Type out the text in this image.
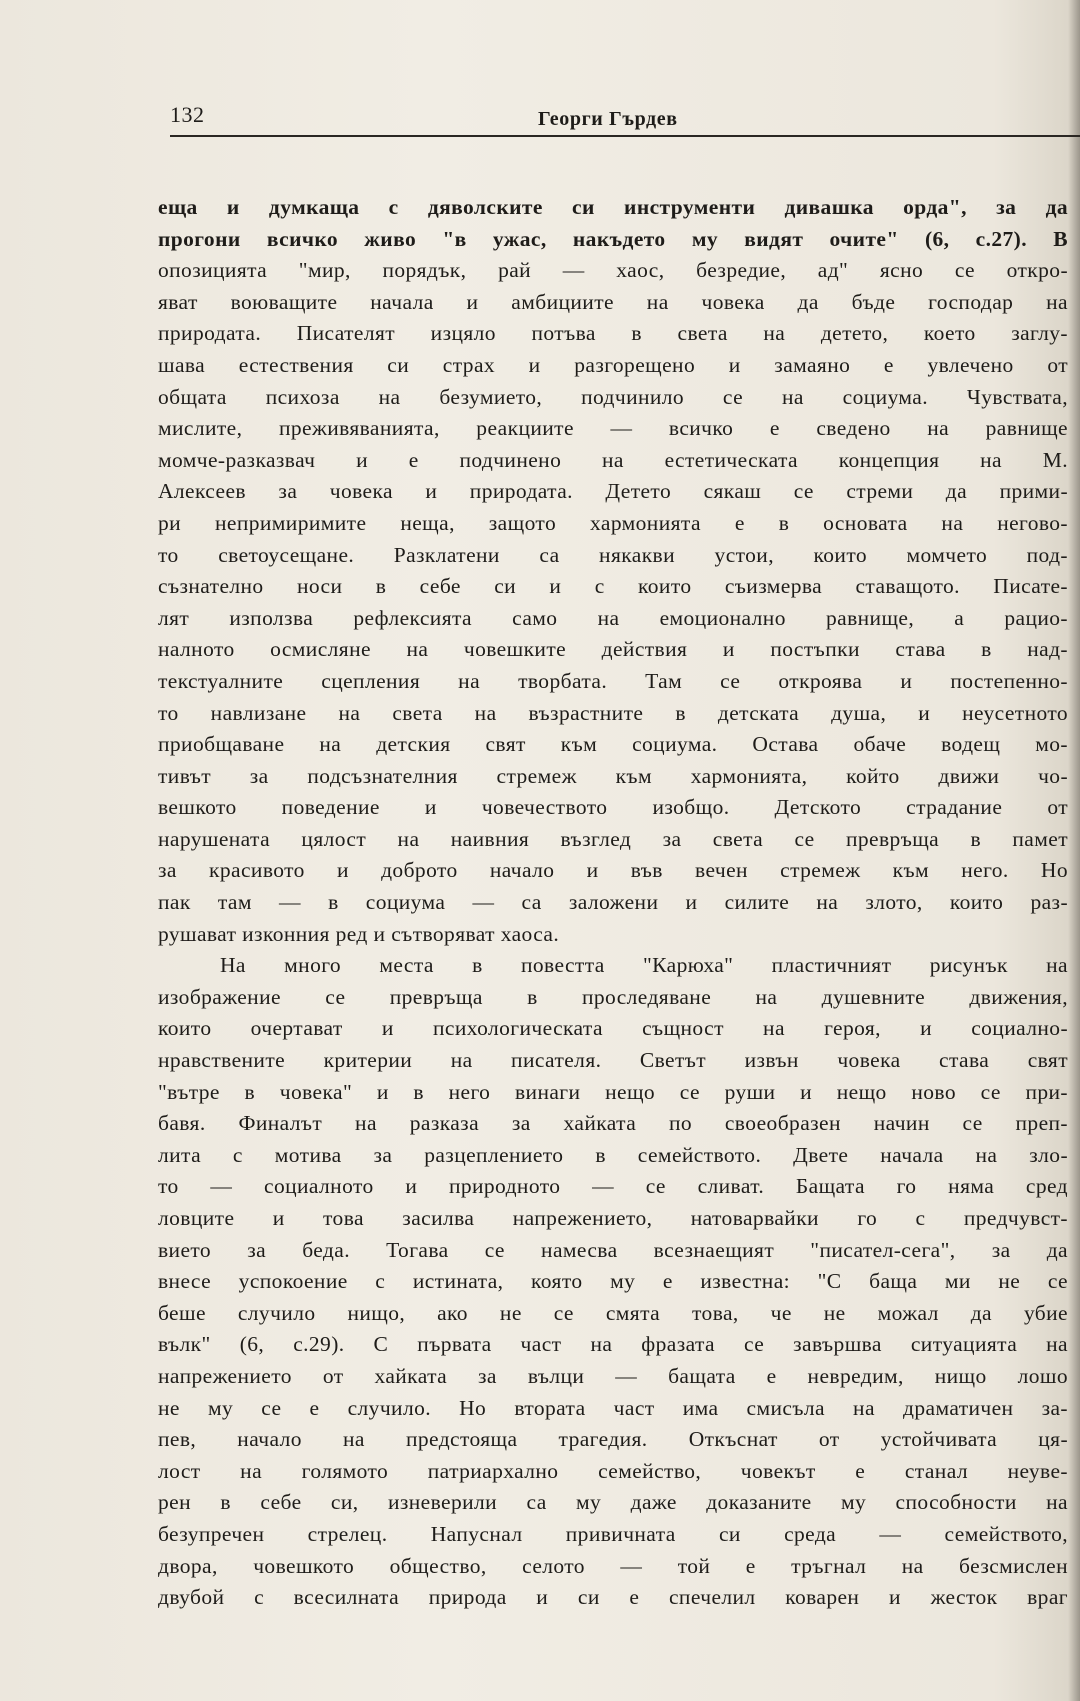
132	Георги Гърдев
еща и думкаща с дяволските си инструменти дивашка орда", за да
прогони всичко живо "в ужас, накъдето му видят очите" (6, с.27). В
опозицията "мир, порядък, рай — хаос, безредие, ад" ясно се откро-
яват воюващите начала и амбициите на човека да бъде господар на
природата. Писателят изцяло потъва в света на детето, което заглу-
шава естествения си страх и разгорещено и замаяно е увлечено от
общата психоза на безумието, подчинило се на социума. Чувствата,
мислите, преживяванията, реакциите — всичко е сведено на равнище
момче-разказвач и е подчинено на естетическата концепция на М.
Алексеев за човека и природата. Детето сякаш се стреми да прими-
ри непримиримите неща, защото хармонията е в основата на негово-
то светоусещане. Разклатени са някакви устои, които момчето под-
съзнателно носи в себе си и с които съизмерва ставащото. Писате-
лят използва рефлексията само на емоционално равнище, а рацио-
налното осмисляне на човешките действия и постъпки става в над-
текстуалните сцепления на творбата. Там се откроява и постепенно-
то навлизане на света на възрастните в детската душа, и неусетното
приобщаване на детския свят към социума. Остава обаче водещ мо-
тивът за подсъзнателния стремеж към хармонията, който движи чо-
вешкото поведение и човечеството изобщо. Детското страдание от
нарушената цялост на наивния възглед за света се превръща в памет
за красивото и доброто начало и във вечен стремеж към него. Но
пак там — в социума — са заложени и силите на злото, които раз-
рушават изконния ред и сътворяват хаоса.
На много места в повестта "Карюха" пластичният рисунък на
изображение се превръща в проследяване на душевните движения,
които очертават и психологическата същност на героя, и социално-
нравствените критерии на писателя. Светът извън човека става свят
"вътре в човека" и в него винаги нещо се руши и нещо ново се при-
бавя. Финалът на разказа за хайката по своеобразен начин се преп-
лита с мотива за разцеплението в семейството. Двете начала на зло-
то — социалното и природното — се сливат. Бащата го няма сред
ловците и това засилва напрежението, натоварвайки го с предчувст-
вието за беда. Тогава се намесва всезнаещият "писател-сега", за да
внесе успокоение с истината, която му е известна: "С баща ми не се
беше случило нищо, ако не се смята това, че не можал да убие
вълк" (6, с.29). С първата част на фразата се завършва ситуацията на
напрежението от хайката за вълци — бащата е невредим, нищо лошо
не му се е случило. Но втората част има смисъла на драматичен за-
пев, начало на предстояща трагедия. Откъснат от устойчивата ця-
лост на голямото патриархално семейство, човекът е станал неуве-
рен в себе си, изневерили са му даже доказаните му способности на
безупречен стрелец. Напуснал привичната си среда — семейството,
двора, човешкото общество, селото — той е тръгнал на безсмислен
двубой с всесилната природа и си е спечелил коварен и жесток враг
